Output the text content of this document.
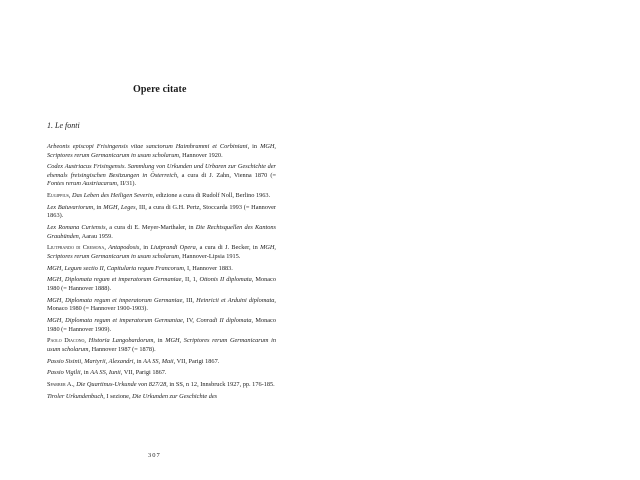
Opere citate
1. Le fonti

Arbeonis episcopi Frisingensis vitae sanctorum Haimhrammi et Corbiniani, in MGH, Scriptores rerum Germanicarum in usum scholarum, Hannover 1920.

Codex Austriacus Frisingensis. Sammlung von Urkunden und Urbaren zur Geschichte der ehemals freisingischen Besitzungen in Österreich, a cura di J. Zahn, Vienna 1870 (= Fontes rerum Austriacarum, II/31).

Eugippius, Das Leben des Heiligen Severin, edizione a cura di Rudolf Noll, Berlino 1963.

Lex Baiuvariorum, in MGH, Leges, III, a cura di G.H. Pertz, Stoccarda 1993 (= Hannover 1863).

Lex Romana Curiensis, a cura di E. Meyer-Marthaler, in Die Rechtsquellen des Kantons Graubünden, Aarau 1959.

Liutprando di Cremona, Antapodosis, in Liutprandi Opera, a cura di J. Becker, in MGH, Scriptores rerum Germanicarum in usum scholarum, Hannover-Lipsia 1915.

MGH, Legum sectio II, Capitularia regum Francorum, I, Hannover 1883.

MGH, Diplomata regum et imperatorum Germaniae, II, 1, Ottonis II diplomata, Monaco 1980 (= Hannover 1888).

MGH, Diplomata regum et imperatorum Germaniae, III, Heinricii et Arduini diplomata, Monaco 1980 (= Hannover 1900-1903).

MGH, Diplomata regum et imperatorum Germaniae, IV, Conradi II diplomata, Monaco 1980 (= Hannover 1909).

Paolo Diacono, Historia Langobardorum, in MGH, Scriptores rerum Germanicarum in usum scholarum, Hannover 1987 (= 1878).

Passio Sisinii, Martyrii, Alexandri, in AA SS, Maii, VII, Parigi 1867.

Passio Vigilii, in AA SS, Iunii, VII, Parigi 1867.

Sparber A., Die Quartinus-Urkunde von 827/28, in SS, n 12, Innsbruck 1927, pp. 176-185.

Tiroler Urkundenbuch, I sezione, Die Urkunden zur Geschichte des

307
